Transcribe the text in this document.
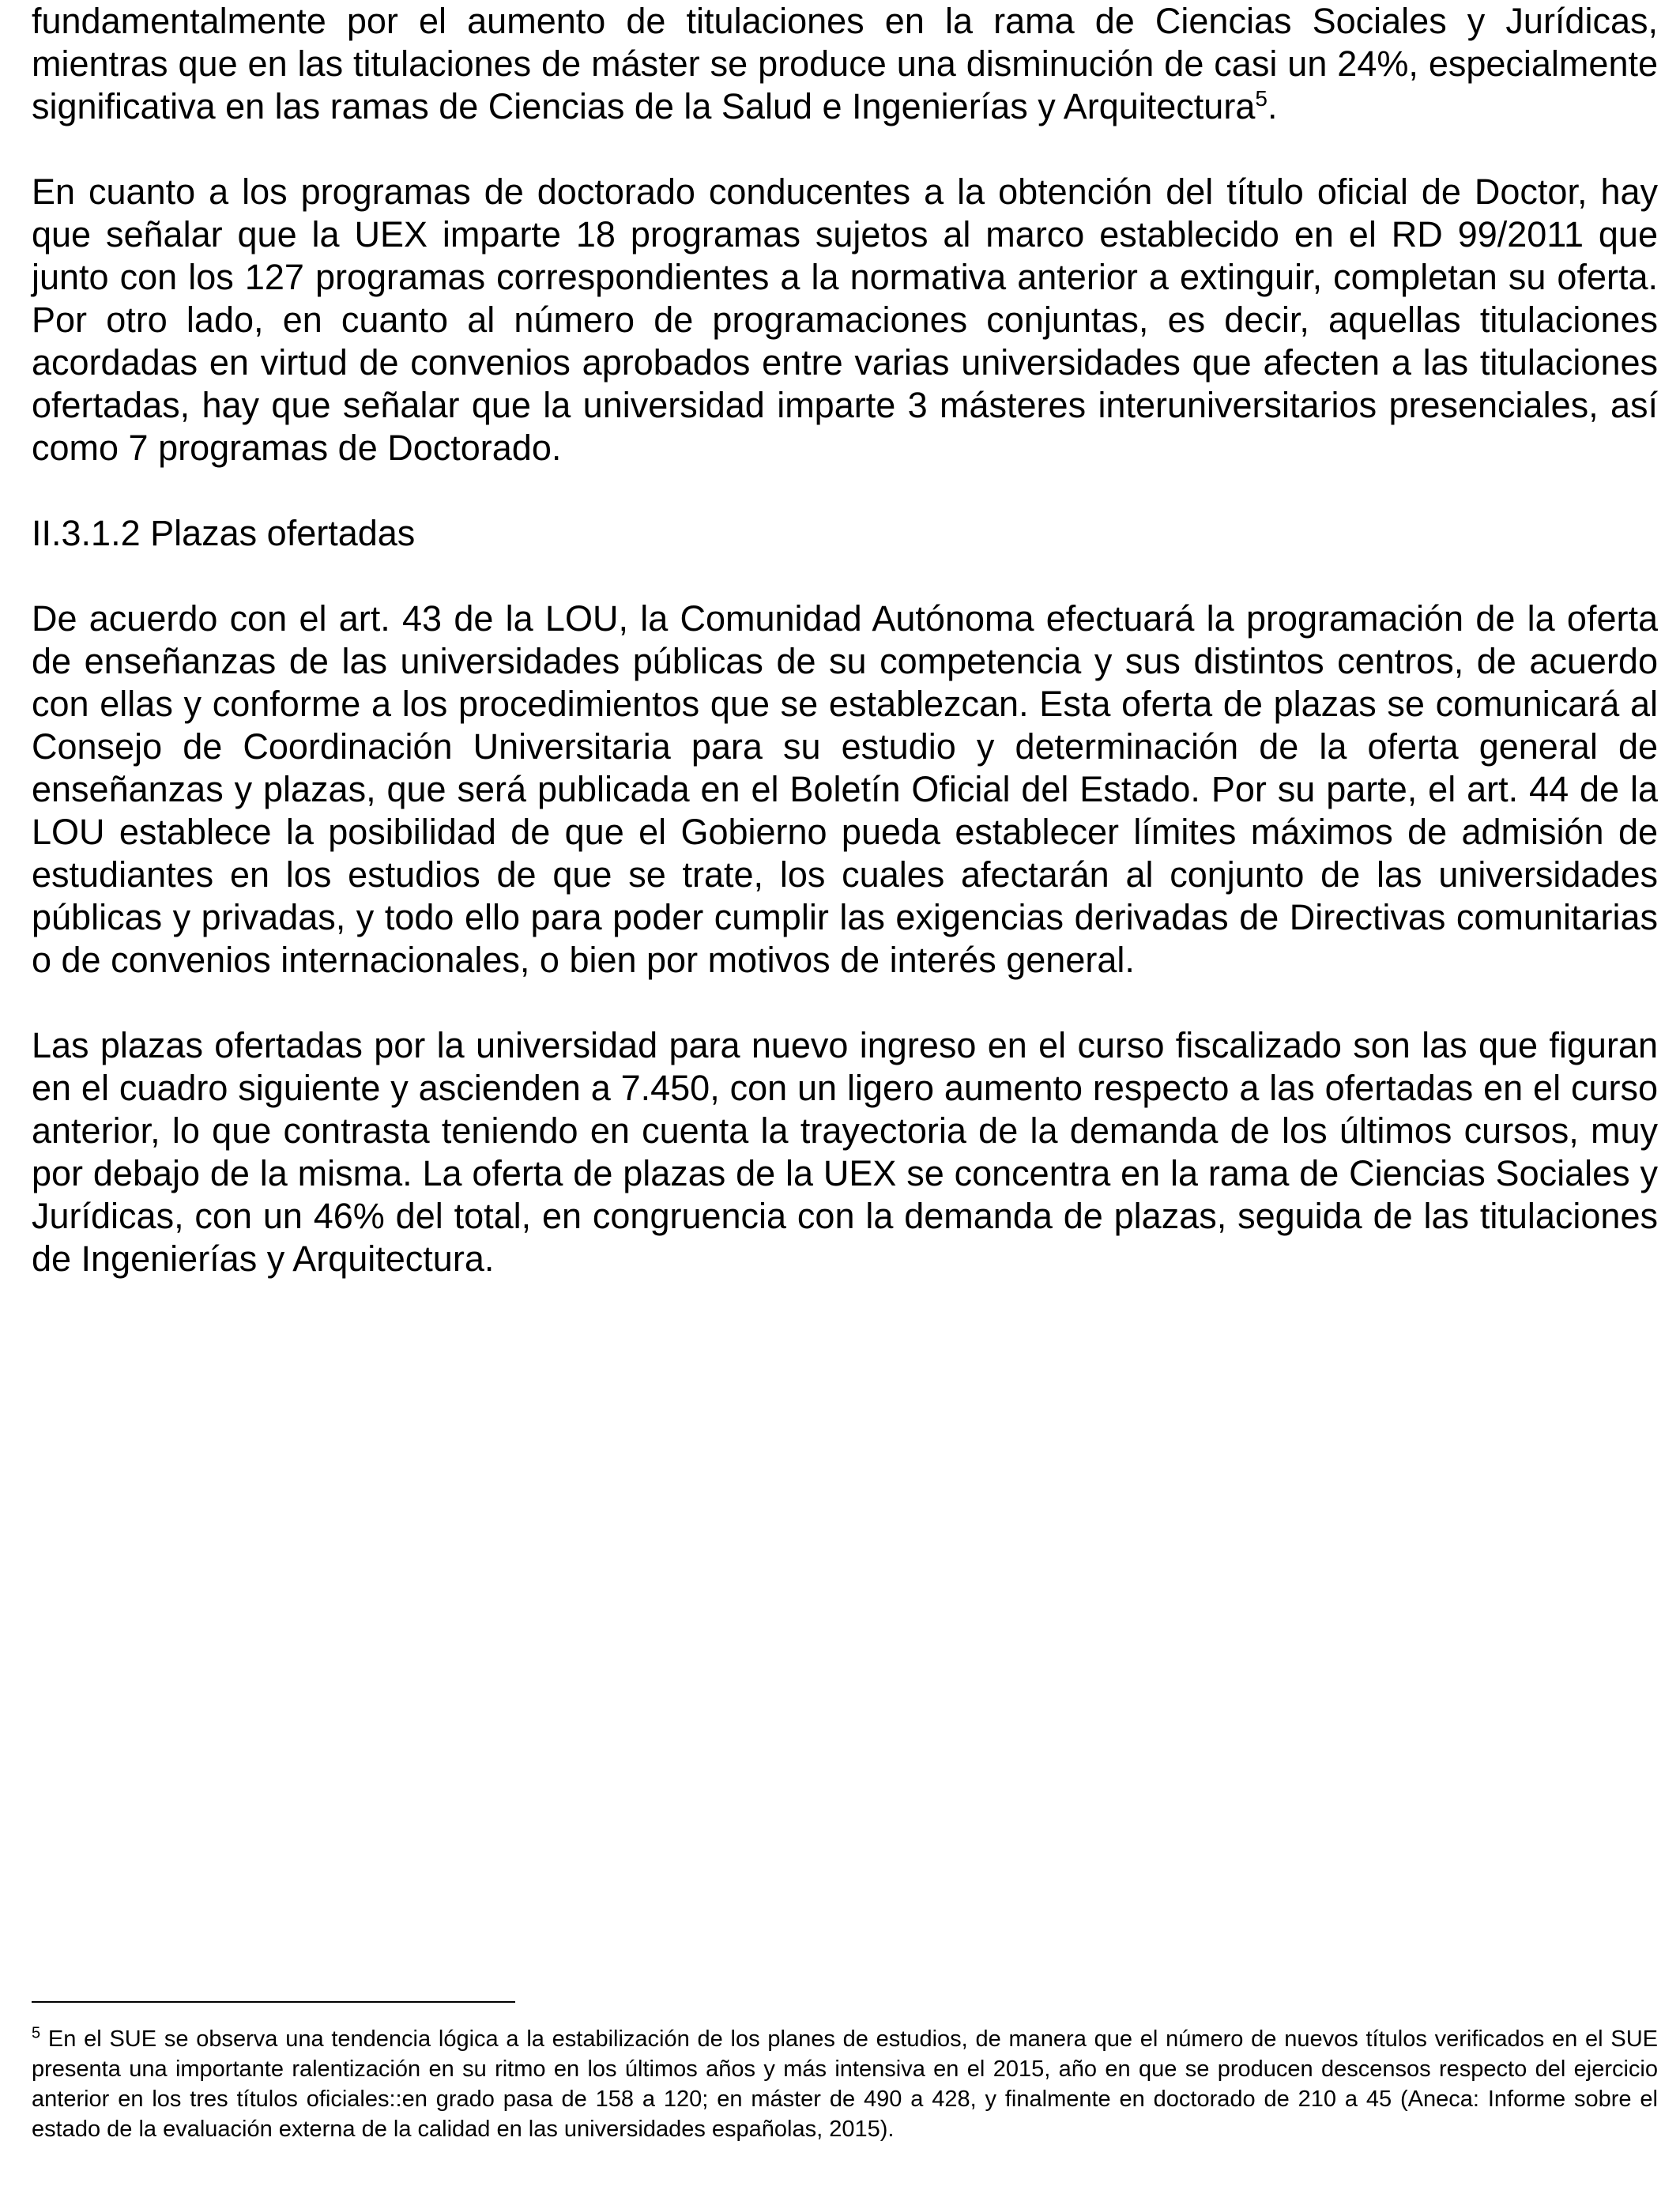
fundamentalmente por el aumento de titulaciones en la rama de Ciencias Sociales y Jurídicas, mientras que en las titulaciones de máster se produce una disminución de casi un 24%, especialmente significativa en las ramas de Ciencias de la Salud e Ingenierías y Arquitectura$^5$.

En cuanto a los programas de doctorado conducentes a la obtención del título oficial de Doctor, hay que señalar que la UEX imparte 18 programas sujetos al marco establecido en el RD 99/2011 que junto con los 127 programas correspondientes a la normativa anterior a extinguir, completan su oferta. Por otro lado, en cuanto al número de programaciones conjuntas, es decir, aquellas titulaciones acordadas en virtud de convenios aprobados entre varias universidades que afecten a las titulaciones ofertadas, hay que señalar que la universidad imparte 3 másteres interuniversitarios presenciales, así como 7 programas de Doctorado.

II.3.1.2 Plazas ofertadas

De acuerdo con el art. 43 de la LOU, la Comunidad Autónoma efectuará la programación de la oferta de enseñanzas de las universidades públicas de su competencia y sus distintos centros, de acuerdo con ellas y conforme a los procedimientos que se establezcan. Esta oferta de plazas se comunicará al Consejo de Coordinación Universitaria para su estudio y determinación de la oferta general de enseñanzas y plazas, que será publicada en el Boletín Oficial del Estado. Por su parte, el art. 44 de la LOU establece la posibilidad de que el Gobierno pueda establecer límites máximos de admisión de estudiantes en los estudios de que se trate, los cuales afectarán al conjunto de las universidades públicas y privadas, y todo ello para poder cumplir las exigencias derivadas de Directivas comunitarias o de convenios internacionales, o bien por motivos de interés general.

Las plazas ofertadas por la universidad para nuevo ingreso en el curso fiscalizado son las que figuran en el cuadro siguiente y ascienden a 7.450, con un ligero aumento respecto a las ofertadas en el curso anterior, lo que contrasta teniendo en cuenta la trayectoria de la demanda de los últimos cursos, muy por debajo de la misma. La oferta de plazas de la UEX se concentra en la rama de Ciencias Sociales y Jurídicas, con un 46% del total, en congruencia con la demanda de plazas, seguida de las titulaciones de Ingenierías y Arquitectura.

$^5$ En el SUE se observa una tendencia lógica a la estabilización de los planes de estudios, de manera que el número de nuevos títulos verificados en el SUE presenta una importante ralentización en su ritmo en los últimos años y más intensiva en el 2015, año en que se producen descensos respecto del ejercicio anterior en los tres títulos oficiales::en grado pasa de 158 a 120; en máster de 490 a 428, y finalmente en doctorado de 210 a 45 (Aneca: Informe sobre el estado de la evaluación externa de la calidad en las universidades españolas, 2015).
